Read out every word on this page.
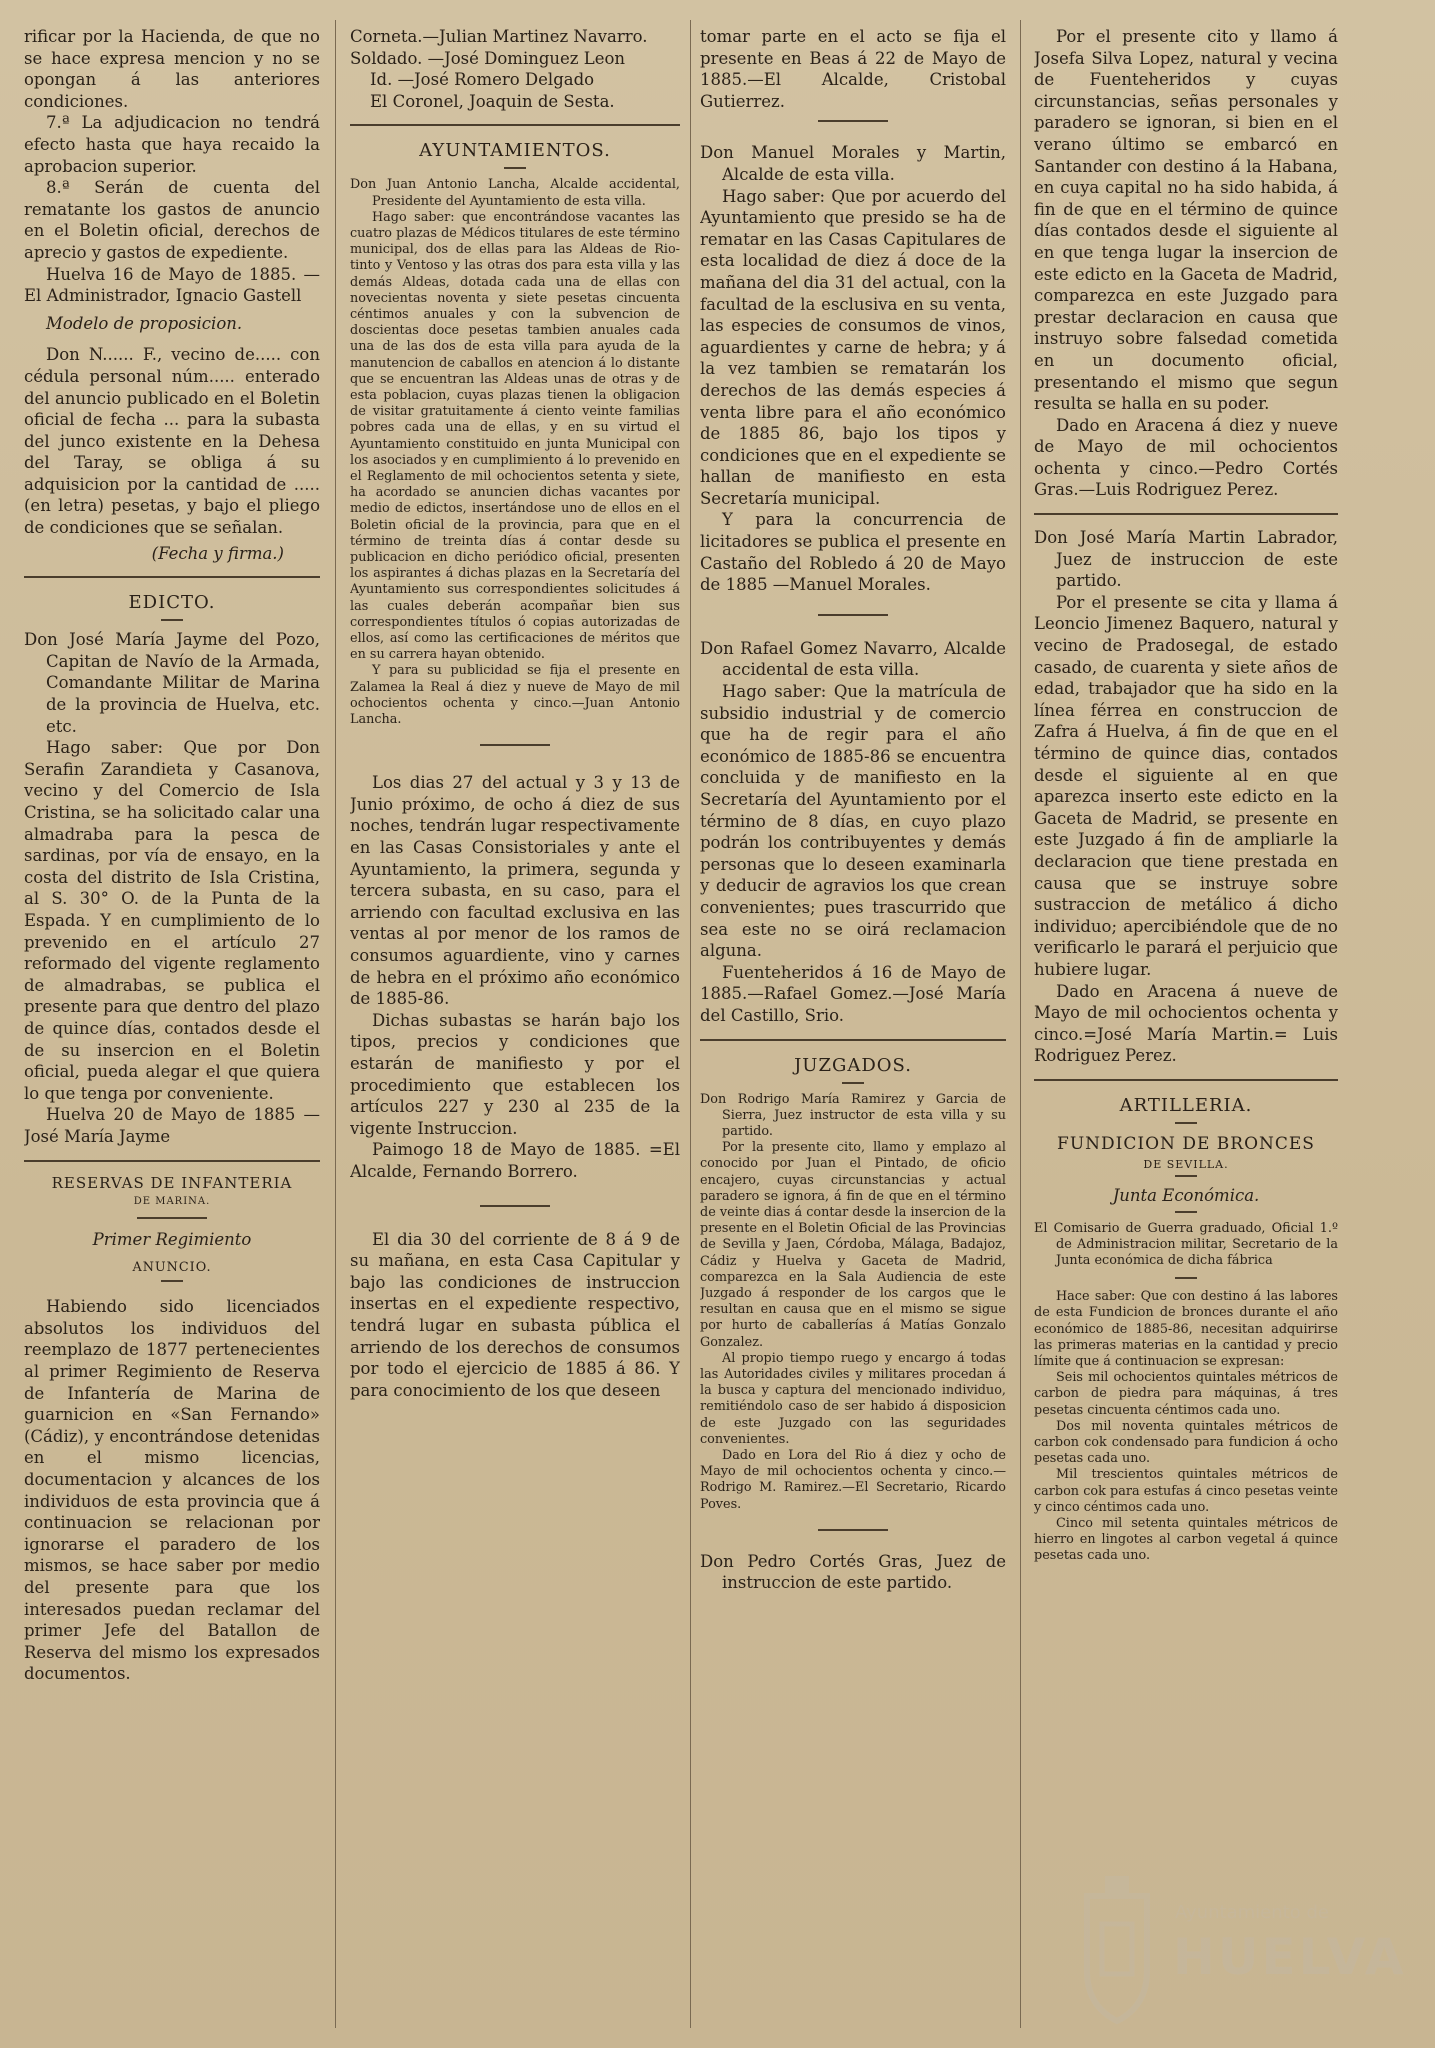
rificar por la Hacienda, de que no se hace expresa mencion y no se opongan á las anteriores condiciones.

7.ª La adjudicacion no tendrá efecto hasta que haya recaido la aprobacion superior.

8.ª Serán de cuenta del rematante los gastos de anuncio en el Boletin oficial, derechos de aprecio y gastos de expediente.

Huelva 16 de Mayo de 1885. —El Administrador, Ignacio Gastell

Modelo de proposicion.

Don N...... F., vecino de..... con cédula personal núm..... enterado del anuncio publicado en el Boletin oficial de fecha ... para la subasta del junco existente en la Dehesa del Taray, se obliga á su adquisicion por la cantidad de ..... (en letra) pesetas, y bajo el pliego de condiciones que se señalan.

(Fecha y firma.)

EDICTO.

Don José María Jayme del Pozo, Capitan de Navío de la Armada, Comandante Militar de Marina de la provincia de Huelva, etc. etc.

Hago saber: Que por Don Serafin Zarandieta y Casanova, vecino y del Comercio de Isla Cristina, se ha solicitado calar una almadraba para la pesca de sardinas, por vía de ensayo, en la costa del distrito de Isla Cristina, al S. 30° O. de la Punta de la Espada. Y en cumplimiento de lo prevenido en el artículo 27 reformado del vigente reglamento de almadrabas, se publica el presente para que dentro del plazo de quince días, contados desde el de su insercion en el Boletin oficial, pueda alegar el que quiera lo que tenga por conveniente.

Huelva 20 de Mayo de 1885 —José María Jayme

RESERVAS DE INFANTERIA
DE MARINA.

Primer Regimiento

ANUNCIO.

Habiendo sido licenciados absolutos los individuos del reemplazo de 1877 pertenecientes al primer Regimiento de Reserva de Infantería de Marina de guarnicion en «San Fernando» (Cádiz), y encontrándose detenidas en el mismo licencias, documentacion y alcances de los individuos de esta provincia que á continuacion se relacionan por ignorarse el paradero de los mismos, se hace saber por medio del presente para que los interesados puedan reclamar del primer Jefe del Batallon de Reserva del mismo los expresados documentos.

Corneta.—Julian Martinez Navarro.

Soldado. —José Dominguez Leon

Id. —José Romero Delgado

El Coronel, Joaquin de Sesta.

AYUNTAMIENTOS.

Don Juan Antonio Lancha, Alcalde accidental, Presidente del Ayuntamiento de esta villa.

Hago saber: que encontrándose vacantes las cuatro plazas de Médicos titulares de este término municipal, dos de ellas para las Aldeas de Rio-tinto y Ventoso y las otras dos para esta villa y las demás Aldeas, dotada cada una de ellas con novecientas noventa y siete pesetas cincuenta céntimos anuales y con la subvencion de doscientas doce pesetas tambien anuales cada una de las dos de esta villa para ayuda de la manutencion de caballos en atencion á lo distante que se encuentran las Aldeas unas de otras y de esta poblacion, cuyas plazas tienen la obligacion de visitar gratuitamente á ciento veinte familias pobres cada una de ellas, y en su virtud el Ayuntamiento constituido en junta Municipal con los asociados y en cumplimiento á lo prevenido en el Reglamento de mil ochocientos setenta y siete, ha acordado se anuncien dichas vacantes por medio de edictos, insertándose uno de ellos en el Boletin oficial de la provincia, para que en el término de treinta días á contar desde su publicacion en dicho periódico oficial, presenten los aspirantes á dichas plazas en la Secretaría del Ayuntamiento sus correspondientes solicitudes á las cuales deberán acompañar bien sus correspondientes títulos ó copias autorizadas de ellos, así como las certificaciones de méritos que en su carrera hayan obtenido.

Y para su publicidad se fija el presente en Zalamea la Real á diez y nueve de Mayo de mil ochocientos ochenta y cinco.—Juan Antonio Lancha.

Los dias 27 del actual y 3 y 13 de Junio próximo, de ocho á diez de sus noches, tendrán lugar respectivamente en las Casas Consistoriales y ante el Ayuntamiento, la primera, segunda y tercera subasta, en su caso, para el arriendo con facultad exclusiva en las ventas al por menor de los ramos de consumos aguardiente, vino y carnes de hebra en el próximo año económico de 1885-86.

Dichas subastas se harán bajo los tipos, precios y condiciones que estarán de manifiesto y por el procedimiento que establecen los artículos 227 y 230 al 235 de la vigente Instruccion.

Paimogo 18 de Mayo de 1885. =El Alcalde, Fernando Borrero.

El dia 30 del corriente de 8 á 9 de su mañana, en esta Casa Capitular y bajo las condiciones de instruccion insertas en el expediente respectivo, tendrá lugar en subasta pública el arriendo de los derechos de consumos por todo el ejercicio de 1885 á 86. Y para conocimiento de los que deseen

tomar parte en el acto se fija el presente en Beas á 22 de Mayo de 1885.—El Alcalde, Cristobal Gutierrez.

Don Manuel Morales y Martin, Alcalde de esta villa.

Hago saber: Que por acuerdo del Ayuntamiento que presido se ha de rematar en las Casas Capitulares de esta localidad de diez á doce de la mañana del dia 31 del actual, con la facultad de la esclusiva en su venta, las especies de consumos de vinos, aguardientes y carne de hebra; y á la vez tambien se rematarán los derechos de las demás especies á venta libre para el año económico de 1885 86, bajo los tipos y condiciones que en el expediente se hallan de manifiesto en esta Secretaría municipal.

Y para la concurrencia de licitadores se publica el presente en Castaño del Robledo á 20 de Mayo de 1885 —Manuel Morales.

Don Rafael Gomez Navarro, Alcalde accidental de esta villa.

Hago saber: Que la matrícula de subsidio industrial y de comercio que ha de regir para el año económico de 1885-86 se encuentra concluida y de manifiesto en la Secretaría del Ayuntamiento por el término de 8 días, en cuyo plazo podrán los contribuyentes y demás personas que lo deseen examinarla y deducir de agravios los que crean convenientes; pues trascurrido que sea este no se oirá reclamacion alguna.

Fuenteheridos á 16 de Mayo de 1885.—Rafael Gomez.—José María del Castillo, Srio.

JUZGADOS.

Don Rodrigo María Ramirez y Garcia de Sierra, Juez instructor de esta villa y su partido.

Por la presente cito, llamo y emplazo al conocido por Juan el Pintado, de oficio encajero, cuyas circunstancias y actual paradero se ignora, á fin de que en el término de veinte dias á contar desde la insercion de la presente en el Boletin Oficial de las Provincias de Sevilla y Jaen, Córdoba, Málaga, Badajoz, Cádiz y Huelva y Gaceta de Madrid, comparezca en la Sala Audiencia de este Juzgado á responder de los cargos que le resultan en causa que en el mismo se sigue por hurto de caballerías á Matías Gonzalo Gonzalez.

Al propio tiempo ruego y encargo á todas las Autoridades civiles y militares procedan á la busca y captura del mencionado individuo, remitiéndolo caso de ser habido á disposicion de este Juzgado con las seguridades convenientes.

Dado en Lora del Rio á diez y ocho de Mayo de mil ochocientos ochenta y cinco.—Rodrigo M. Ramirez.—El Secretario, Ricardo Poves.

Don Pedro Cortés Gras, Juez de instruccion de este partido.

Por el presente cito y llamo á Josefa Silva Lopez, natural y vecina de Fuenteheridos y cuyas circunstancias, señas personales y paradero se ignoran, si bien en el verano último se embarcó en Santander con destino á la Habana, en cuya capital no ha sido habida, á fin de que en el término de quince días contados desde el siguiente al en que tenga lugar la insercion de este edicto en la Gaceta de Madrid, comparezca en este Juzgado para prestar declaracion en causa que instruyo sobre falsedad cometida en un documento oficial, presentando el mismo que segun resulta se halla en su poder.

Dado en Aracena á diez y nueve de Mayo de mil ochocientos ochenta y cinco.—Pedro Cortés Gras.—Luis Rodriguez Perez.

Don José María Martin Labrador, Juez de instruccion de este partido.

Por el presente se cita y llama á Leoncio Jimenez Baquero, natural y vecino de Pradosegal, de estado casado, de cuarenta y siete años de edad, trabajador que ha sido en la línea férrea en construccion de Zafra á Huelva, á fin de que en el término de quince dias, contados desde el siguiente al en que aparezca inserto este edicto en la Gaceta de Madrid, se presente en este Juzgado á fin de ampliarle la declaracion que tiene prestada en causa que se instruye sobre sustraccion de metálico á dicho individuo; apercibiéndole que de no verificarlo le parará el perjuicio que hubiere lugar.

Dado en Aracena á nueve de Mayo de mil ochocientos ochenta y cinco.=José María Martin.= Luis Rodriguez Perez.

ARTILLERIA.
FUNDICION DE BRONCES
DE SEVILLA.

Junta Económica.

El Comisario de Guerra graduado, Oficial 1.º de Administracion militar, Secretario de la Junta económica de dicha fábrica

Hace saber: Que con destino á las labores de esta Fundicion de bronces durante el año económico de 1885-86, necesitan adquirirse las primeras materias en la cantidad y precio límite que á continuacion se expresan:

Seis mil ochocientos quintales métricos de carbon de piedra para máquinas, á tres pesetas cincuenta céntimos cada uno.

Dos mil noventa quintales métricos de carbon cok condensado para fundicion á ocho pesetas cada uno.

Mil trescientos quintales métricos de carbon cok para estufas á cinco pesetas veinte y cinco céntimos cada uno.

Cinco mil setenta quintales métricos de hierro en lingotes al carbon vegetal á quince pesetas cada uno.

Ayuntamiento de
HUELVA
